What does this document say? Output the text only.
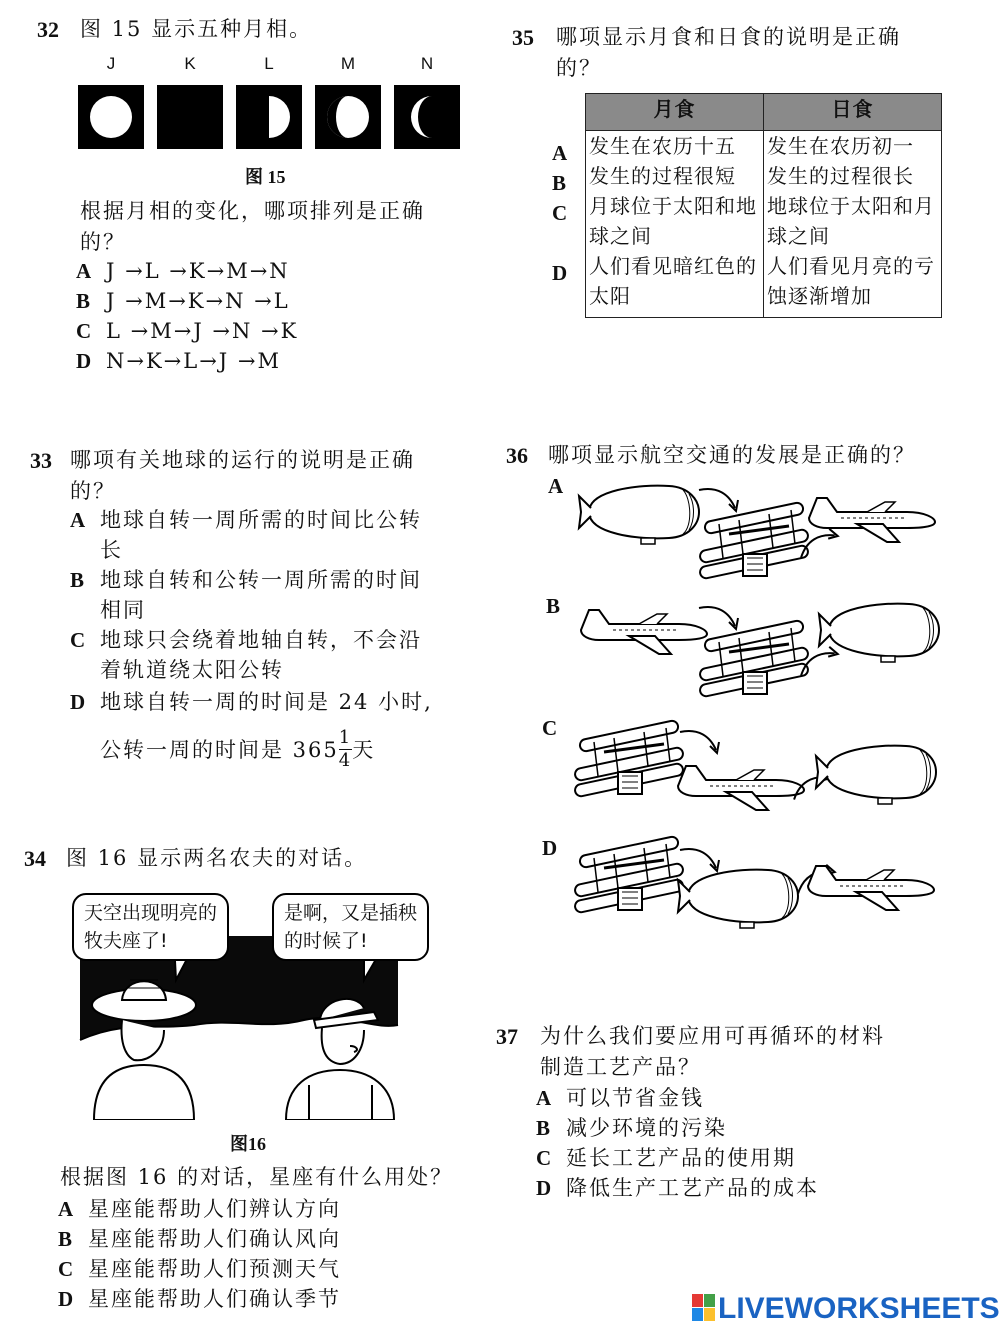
32 图 15 显示五种月相。
J	K	L	M	N
图 15
根据月相的变化，哪项排列是正确的？
A J →L →K→M→N
B J →M→K→N →L
C L →M→J →N →K
D N→K→L→J →M
33 哪项有关地球的运行的说明是正确的？
A 地球自转一周所需的时间比公转
长
B 地球自转和公转一周所需的时间
相同
C 地球只会绕着地轴自转，不会沿
着轨道绕太阳公转
D 地球自转一周的时间是 24 小时,
公转一周的时间是 $365 \frac{1}{4}$ 天
34 图 16 显示两名农夫的对话。
天空出现明亮的
牧夫座了!
是啊，又是插秧
的时候了!
图16
根据图 16 的对话，星座有什么用处？
A 星座能帮助人们辨认方向
B 星座能帮助人们确认风向
C 星座能帮助人们预测天气
D 星座能帮助人们确认季节
35 哪项显示月食和日食的说明是正确
的？
A
B
C
D
月食	日食
发生在农历十五	发生在农历初一
发生的过程很短	发生的过程很长
月球位于太阳和地球之间	地球位于太阳和月球之间
人们看见暗红色的太阳	人们看见月亮的亏蚀逐渐增加
36 哪项显示航空交通的发展是正确的？
A
B
C
D
37 为什么我们要应用可再循环的材料
制造工艺产品？
A 可以节省金钱
B 减少环境的污染
C 延长工艺产品的使用期
D 降低生产工艺产品的成本
LIVEWORKSHEETS
